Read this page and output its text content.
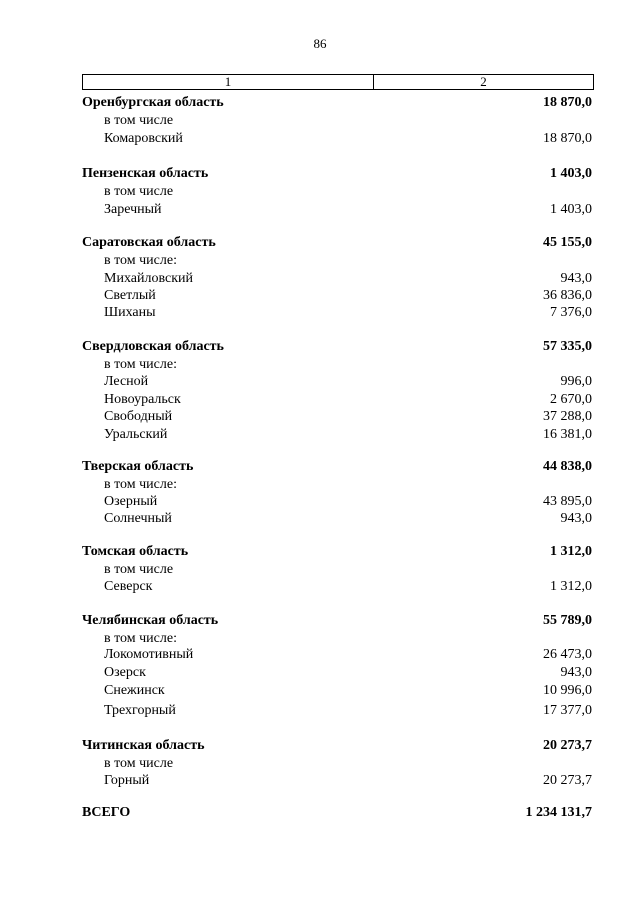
86
1	2
Оренбургская область	18 870,0
в том числе
Комаровский	18 870,0
Пензенская область	1 403,0
в том числе
Заречный	1 403,0
Саратовская область	45 155,0
в том числе:
Михайловский	943,0
Светлый	36 836,0
Шиханы	7 376,0
Свердловская область	57 335,0
в том числе:
Лесной	996,0
Новоуральск	2 670,0
Свободный	37 288,0
Уральский	16 381,0
Тверская область	44 838,0
в том числе:
Озерный	43 895,0
Солнечный	943,0
Томская область	1 312,0
в том числе
Северск	1 312,0
Челябинская область	55 789,0
в том числе:
Локомотивный	26 473,0
Озерск	943,0
Снежинск	10 996,0
Трехгорный	17 377,0
Читинская область	20 273,7
в том числе
Горный	20 273,7
ВСЕГО	1 234 131,7
